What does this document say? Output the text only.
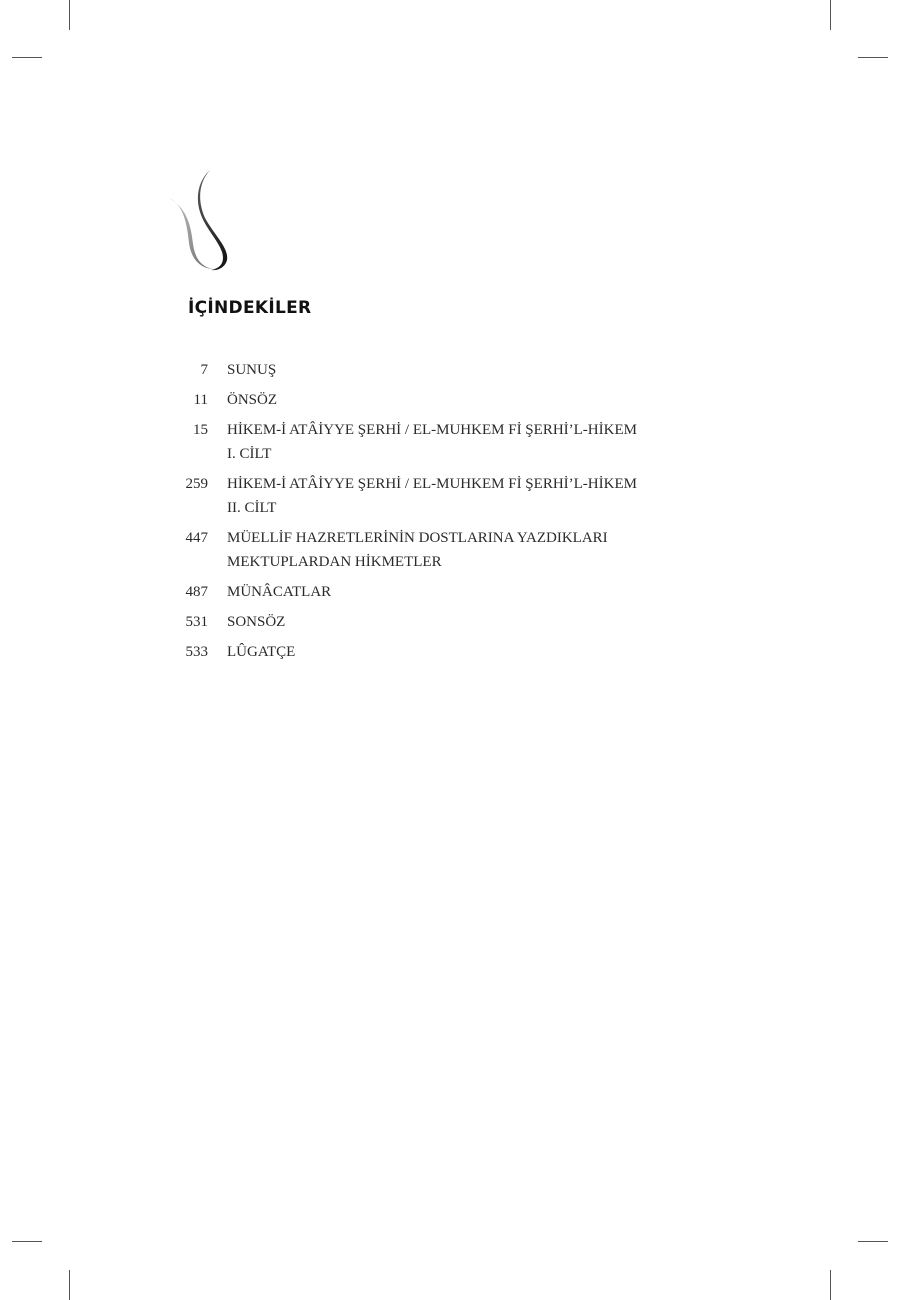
İÇİNDEKİLER
7 SUNUŞ
11 ÖNSÖZ
15 HİKEM-İ ATÂİYYE ŞERHİ / EL-MUHKEM Fİ ŞERHİ’L-HİKEM
I. CİLT
259 HİKEM-İ ATÂİYYE ŞERHİ / EL-MUHKEM Fİ ŞERHİ’L-HİKEM
II. CİLT
447 MÜELLİF HAZRETLERİNİN DOSTLARINA YAZDIKLARI
MEKTUPLARDAN HİKMETLER
487 MÜNÂCATLAR
531 SONSÖZ
533 LÛGATÇE
